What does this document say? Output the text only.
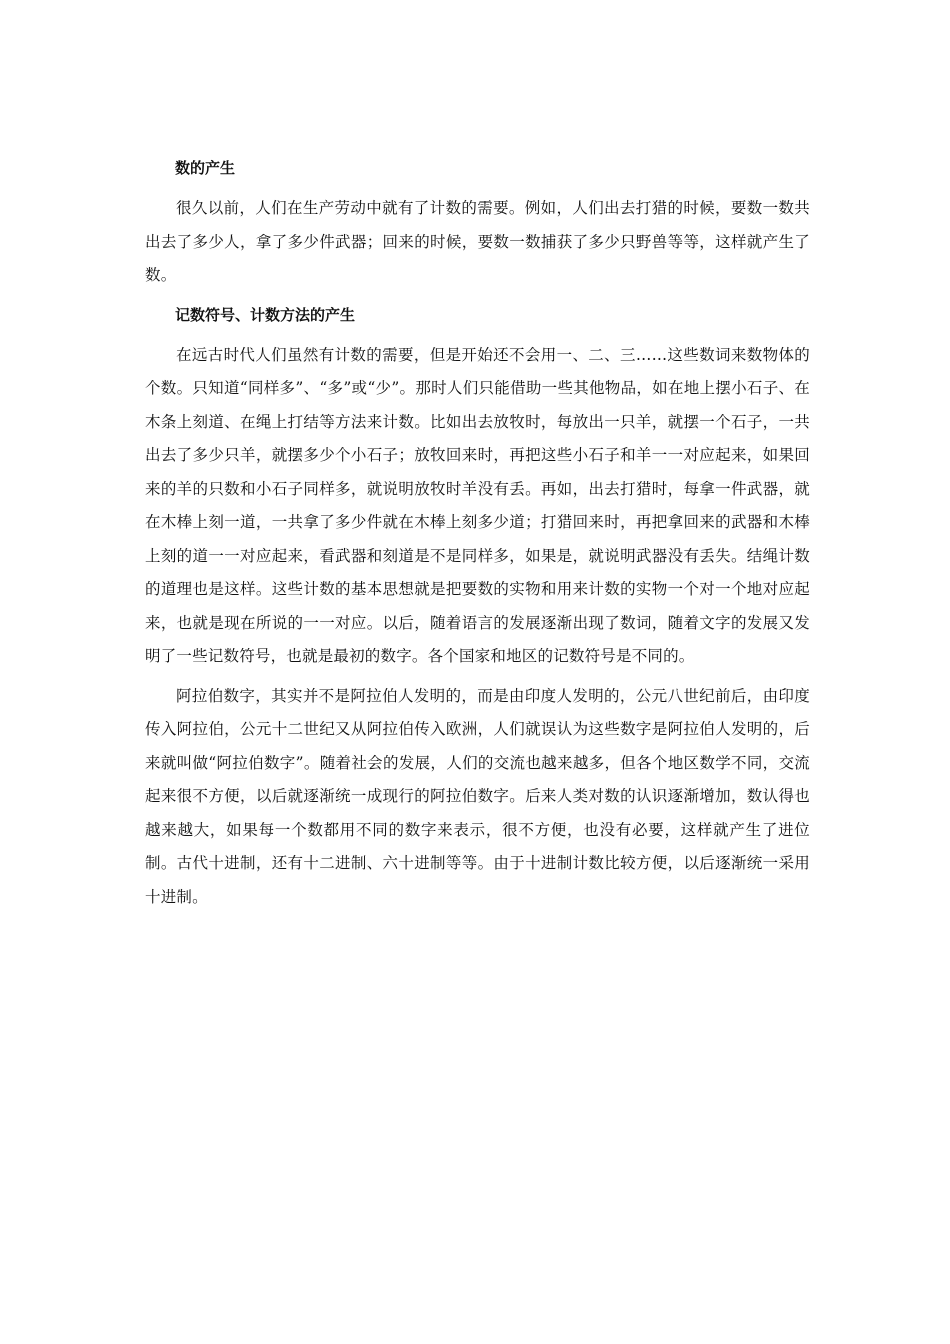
数的产生

很久以前，人们在生产劳动中就有了计数的需要。例如，人们出去打猎的时候，要数一数共出去了多少人，拿了多少件武器；回来的时候，要数一数捕获了多少只野兽等等，这样就产生了数。

记数符号、计数方法的产生

在远古时代人们虽然有计数的需要，但是开始还不会用一、二、三……这些数词来数物体的个数。只知道“同样多”、“多”或“少”。那时人们只能借助一些其他物品，如在地上摆小石子、在木条上刻道、在绳上打结等方法来计数。比如出去放牧时，每放出一只羊，就摆一个石子，一共出去了多少只羊，就摆多少个小石子；放牧回来时，再把这些小石子和羊一一对应起来，如果回来的羊的只数和小石子同样多，就说明放牧时羊没有丢。再如，出去打猎时，每拿一件武器，就在木棒上刻一道，一共拿了多少件就在木棒上刻多少道；打猎回来时，再把拿回来的武器和木棒上刻的道一一对应起来，看武器和刻道是不是同样多，如果是，就说明武器没有丢失。结绳计数的道理也是这样。这些计数的基本思想就是把要数的实物和用来计数的实物一个对一个地对应起来，也就是现在所说的一一对应。以后，随着语言的发展逐渐出现了数词，随着文字的发展又发明了一些记数符号，也就是最初的数字。各个国家和地区的记数符号是不同的。

阿拉伯数字，其实并不是阿拉伯人发明的，而是由印度人发明的，公元八世纪前后，由印度传入阿拉伯，公元十二世纪又从阿拉伯传入欧洲，人们就误认为这些数字是阿拉伯人发明的，后来就叫做“阿拉伯数字”。随着社会的发展，人们的交流也越来越多，但各个地区数学不同，交流起来很不方便，以后就逐渐统一成现行的阿拉伯数字。后来人类对数的认识逐渐增加，数认得也越来越大，如果每一个数都用不同的数字来表示，很不方便，也没有必要，这样就产生了进位制。古代十进制，还有十二进制、六十进制等等。由于十进制计数比较方便，以后逐渐统一采用十进制。
